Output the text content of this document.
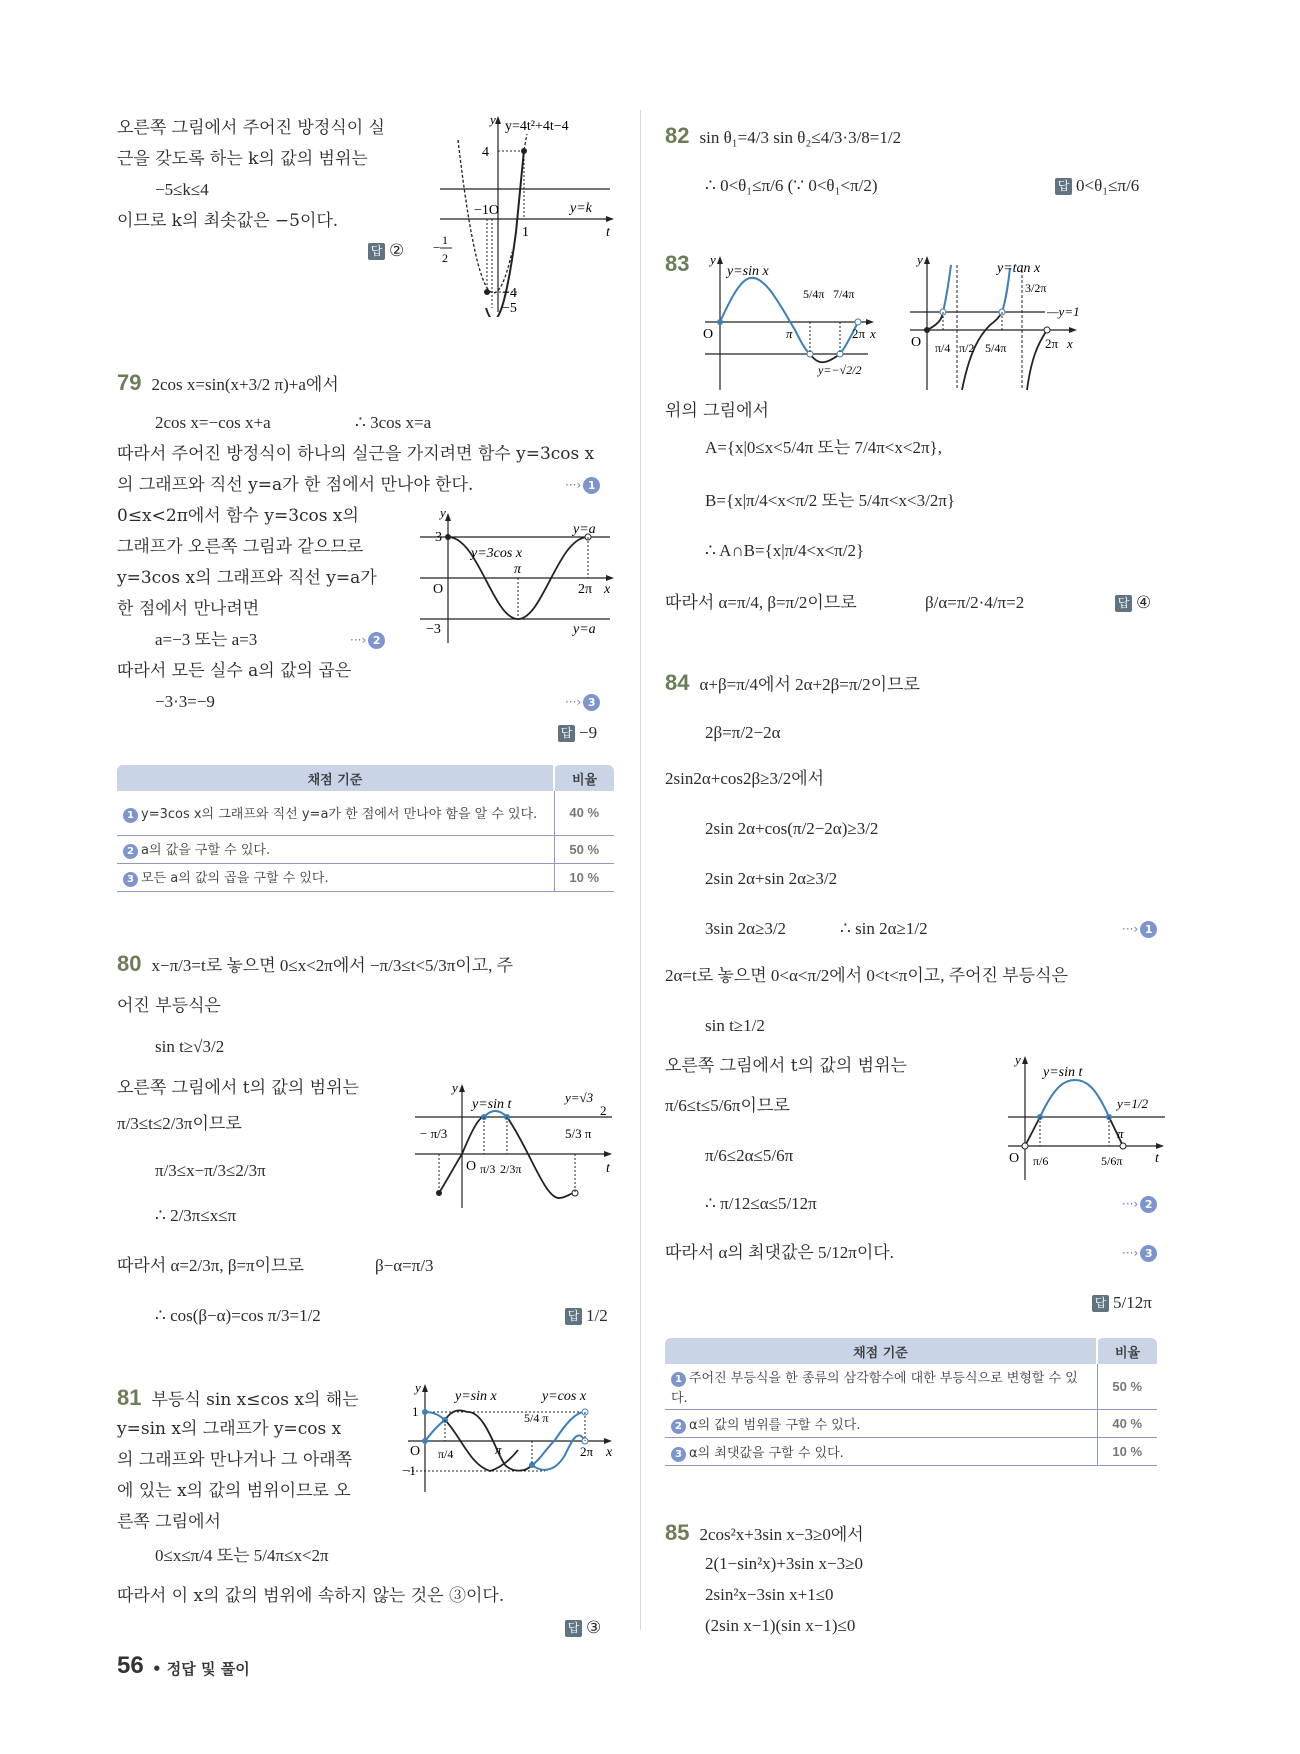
오른쪽 그림에서 주어진 방정식이 실
근을 갖도록 하는 k의 값의 범위는
−5≤k≤4
이므로 k의 최솟값은 −5이다.
답 ②
y y=4t²+4t−4
4
y=k
−1O
1	t
− 1
2
−4
−5
79 2cos x=sin(x+3/2 π)+a에서
2cos x=−cos x+a	∴ 3cos x=a
따라서 주어진 방정식이 하나의 실근을 가지려면 함수 y=3cos x
의 그래프와 직선 y=a가 한 점에서 만나야 한다.	···› 1
0≤x<2π에서 함수 y=3cos x의
그래프가 오른쪽 그림과 같으므로
y=3cos x의 그래프와 직선 y=a가
한 점에서 만나려면
a=−3 또는 a=3	···› 2
따라서 모든 실수 a의 값의 곱은
−3·3=−9	···› 3
답 −9
y
3
y=3cos x
y=a
π
O	2π x
−3	y=a
채점 기준	비율
1 y=3cos x의 그래프와 직선 y=a가 한 점에서 만나야 함을 알 수 있다.	40 %
2 a의 값을 구할 수 있다.	50 %
3 모든 a의 값의 곱을 구할 수 있다.	10 %
80 x−π/3=t로 놓으면 0≤x<2π에서 −π/3≤t<5/3π이고, 주
어진 부등식은
sin t≥√3/2
오른쪽 그림에서 t의 값의 범위는
π/3≤t≤2/3π이므로
π/3≤x−π/3≤2/3π
∴ 2/3π≤x≤π
따라서 α=2/3π, β=π이므로	β−α=π/3
∴ cos(β−α)=cos π/3=1/2	답 1/2
y
y=sin t	y=√3
2
− π/3	5/3 π
O π/3 2/3π	t
81 부등식 sin x≤cos x의 해는
y=sin x의 그래프가 y=cos x
의 그래프와 만나거나 그 아래쪽
에 있는 x의 값의 범위이므로 오
른쪽 그림에서
0≤x≤π/4 또는 5/4π≤x<2π
따라서 이 x의 값의 범위에 속하지 않는 것은 ③이다.
답 ③
y
y=sin x	y=cos x
1	5/4 π
O π/4	π	2π x
−1
56 • 정답 및 풀이
82 sin θ₁=4/3 sin θ₂≤4/3·3/8=1/2
∴ 0<θ₁≤π/6 (∵ 0<θ₁<π/2)	답 0<θ₁≤π/6
83 y
y=sin x
5/4π 7/4π
O	π	2π x
y=−√2/2
y
y=tan x
3/2π
—y=1
O π/4 π/2 5/4π	2π x
위의 그림에서
A={x|0≤x<5/4π 또는 7/4π<x<2π},
B={x|π/4<x<π/2 또는 5/4π<x<3/2π}
∴ A∩B={x|π/4<x<π/2}
따라서 α=π/4, β=π/2이므로	β/α=π/2·4/π=2	답 ④
84 α+β=π/4에서 2α+2β=π/2이므로
2β=π/2−2α
2sin2α+cos2β≥3/2에서
2sin 2α+cos(π/2−2α)≥3/2
2sin 2α+sin 2α≥3/2
3sin 2α≥3/2	∴ sin 2α≥1/2	···› 1
2α=t로 놓으면 0<α<π/2에서 0<t<π이고, 주어진 부등식은
sin t≥1/2
오른쪽 그림에서 t의 값의 범위는
π/6≤t≤5/6π이므로
π/6≤2α≤5/6π
∴ π/12≤α≤5/12π	···› 2
따라서 α의 최댓값은 5/12π이다.	···› 3
답 5/12π
y
y=sin t
y=1/2
π
O π/6	5/6π t
채점 기준	비율
1 주어진 부등식을 한 종류의 삼각함수에 대한 부등식으로 변형할 수 있다.	50 %
2 α의 값의 범위를 구할 수 있다.	40 %
3 α의 최댓값을 구할 수 있다.	10 %
85 2cos²x+3sin x−3≥0에서
2(1−sin²x)+3sin x−3≥0
2sin²x−3sin x+1≤0
(2sin x−1)(sin x−1)≤0
